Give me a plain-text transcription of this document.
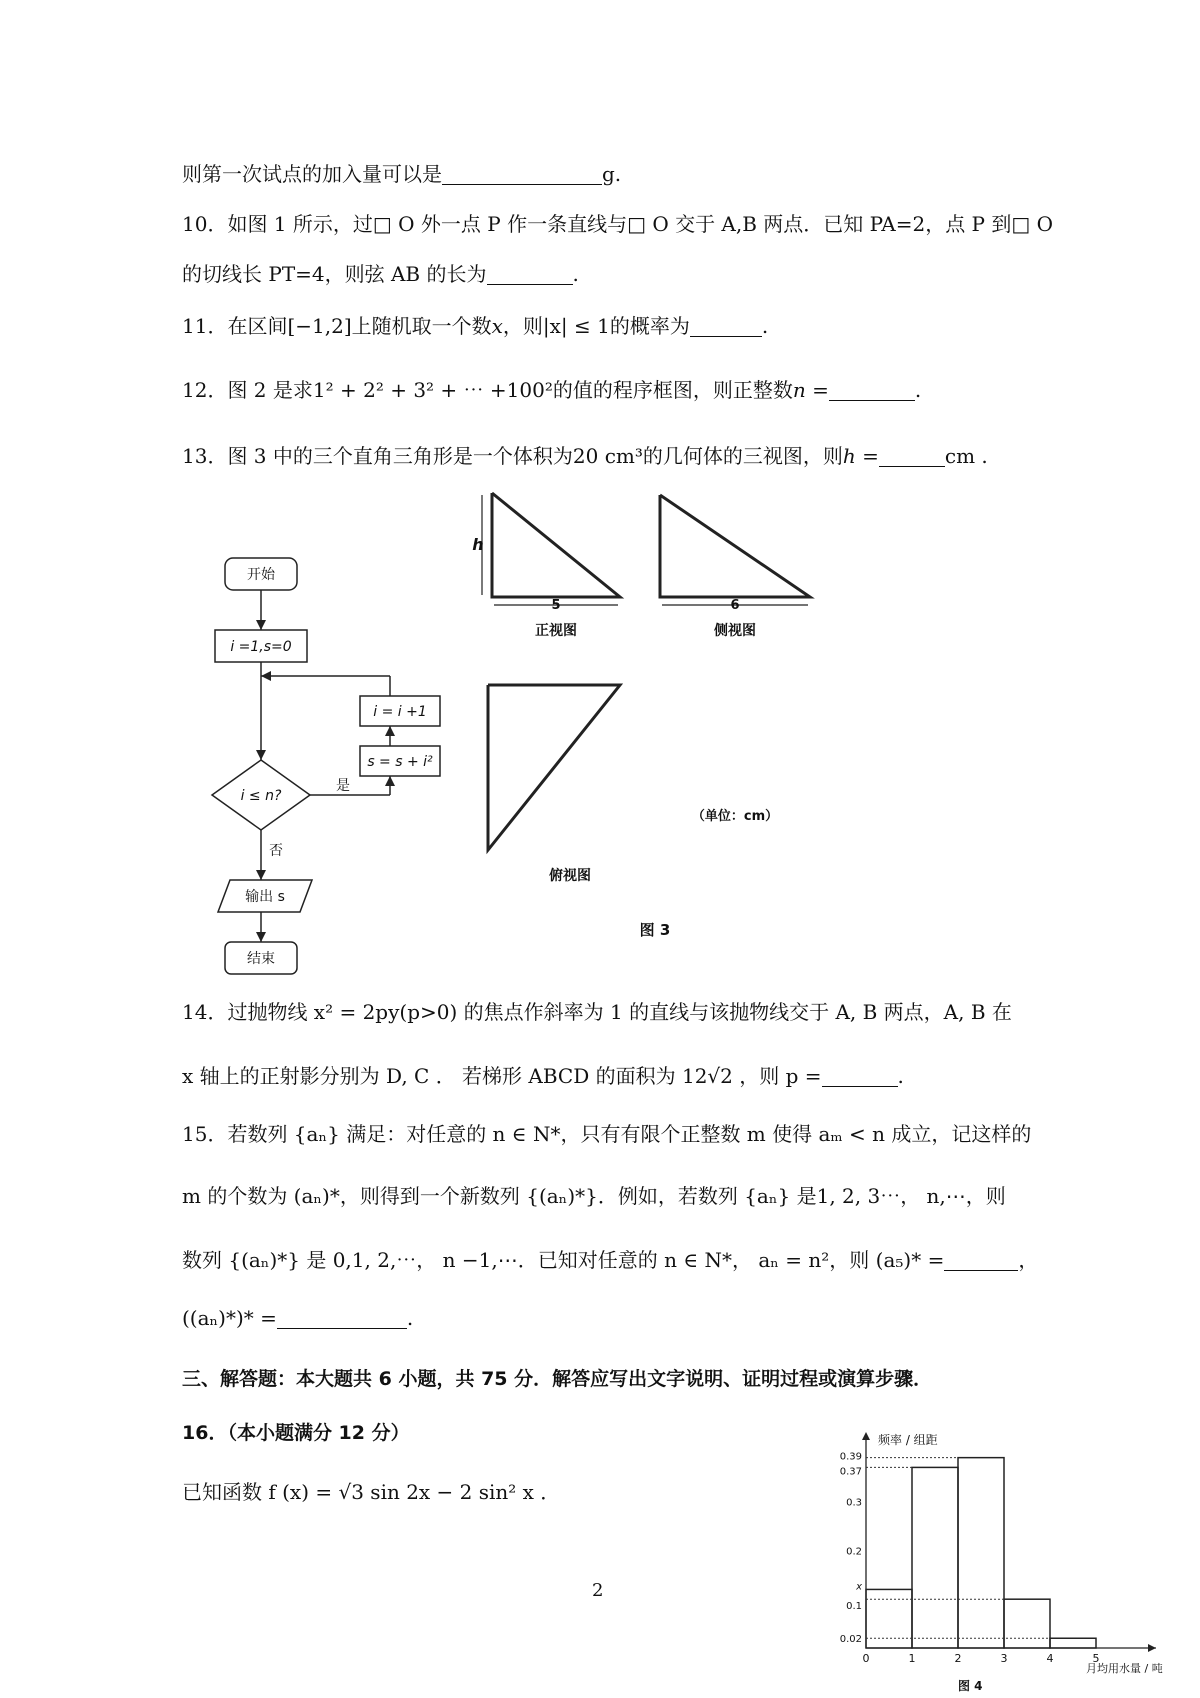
则第一次试点的加入量可以是	g.
10．如图 1 所示，过□ O 外一点 P 作一条直线与□ O 交于 A,B 两点．已知 PA=2，点 P 到□ O
的切线长 PT=4，则弦 AB 的长为	.
11．在区间[−1,2]上随机取一个数x，则|x| ≤ 1的概率为	.
12．图 2 是求1² + 2² + 3² + ⋯ +100²的值的程序框图，则正整数n =	.
13．图 3 中的三个直角三角形是一个体积为20 cm³的几何体的三视图，则h =	cm .
开始
i =1,s=0
i = i +1
s = s + i²
i ≤ n?
是
否
输出 s
结束
h
5	6
正视图	侧视图
俯视图
（单位：cm）
图 3
14．过抛物线 x² = 2py(p>0) 的焦点作斜率为 1 的直线与该抛物线交于 A, B 两点，A, B 在
x 轴上的正射影分别为 D, C ． 若梯形 ABCD 的面积为 12√2 ，则 p =	.
15．若数列 {aₙ} 满足：对任意的 n ∈ N*，只有有限个正整数 m 使得 aₘ < n 成立，记这样的
m 的个数为 (aₙ)*，则得到一个新数列 {(aₙ)*}．例如，若数列 {aₙ} 是1, 2, 3⋯， n,⋯，则
数列 {(aₙ)*} 是 0,1, 2,⋯， n −1,⋯．已知对任意的 n ∈ N*， aₙ = n²，则 (a₅)* =	，
((aₙ)*)* =	.
三、解答题：本大题共 6 小题，共 75 分．解答应写出文字说明、证明过程或演算步骤．
16．（本小题满分 12 分）
已知函数 f (x) = √3 sin 2x − 2 sin² x ．
频率 / 组距
月均用水量 / 吨
图 4
0	1	2	3	4	5
0.02
0.1
x
0.2
0.3
0.37
0.39
2
